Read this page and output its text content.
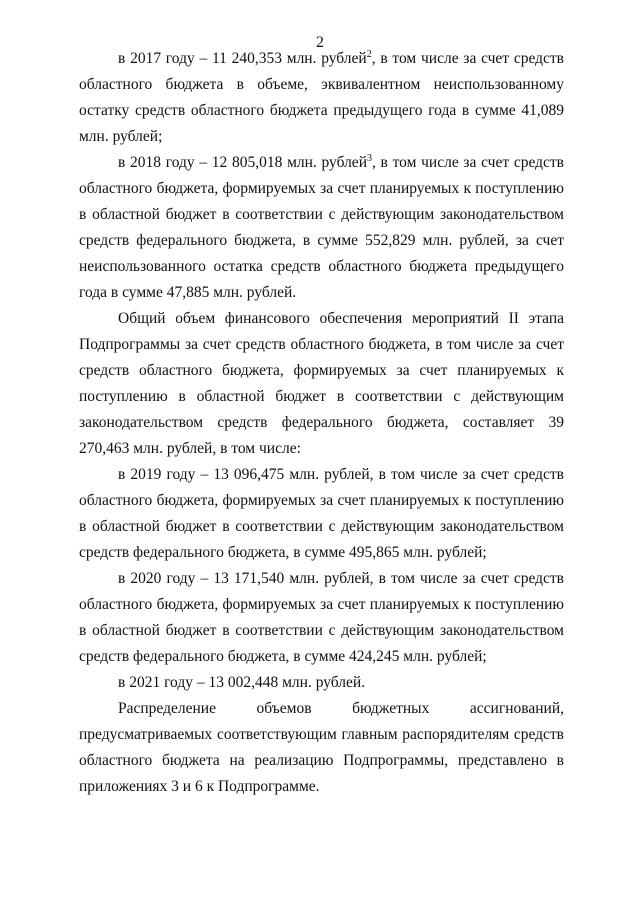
2

в 2017 году – 11 240,353 млн. рублей$^2$, в том числе за счет средств областного бюджета в объеме, эквивалентном неиспользованному остатку средств областного бюджета предыдущего года в сумме 41,089 млн. рублей;

в 2018 году – 12 805,018 млн. рублей$^3$, в том числе за счет средств областного бюджета, формируемых за счет планируемых к поступлению в областной бюджет в соответствии с действующим законодательством средств федерального бюджета, в сумме 552,829 млн. рублей, за счет неиспользованного остатка средств областного бюджета предыдущего года в сумме 47,885 млн. рублей.

Общий объем финансового обеспечения мероприятий II этапа Подпрограммы за счет средств областного бюджета, в том числе за счет средств областного бюджета, формируемых за счет планируемых к поступлению в областной бюджет в соответствии с действующим законодательством средств федерального бюджета, составляет 39 270,463 млн. рублей, в том числе:

в 2019 году – 13 096,475 млн. рублей, в том числе за счет средств областного бюджета, формируемых за счет планируемых к поступлению в областной бюджет в соответствии с действующим законодательством средств федерального бюджета, в сумме 495,865 млн. рублей;

в 2020 году – 13 171,540 млн. рублей, в том числе за счет средств областного бюджета, формируемых за счет планируемых к поступлению в областной бюджет в соответствии с действующим законодательством средств федерального бюджета, в сумме 424,245 млн. рублей;

в 2021 году – 13 002,448 млн. рублей.

Распределение объемов бюджетных ассигнований, предусматриваемых соответствующим главным распорядителям средств областного бюджета на реализацию Подпрограммы, представлено в приложениях 3 и 6 к Подпрограмме.
